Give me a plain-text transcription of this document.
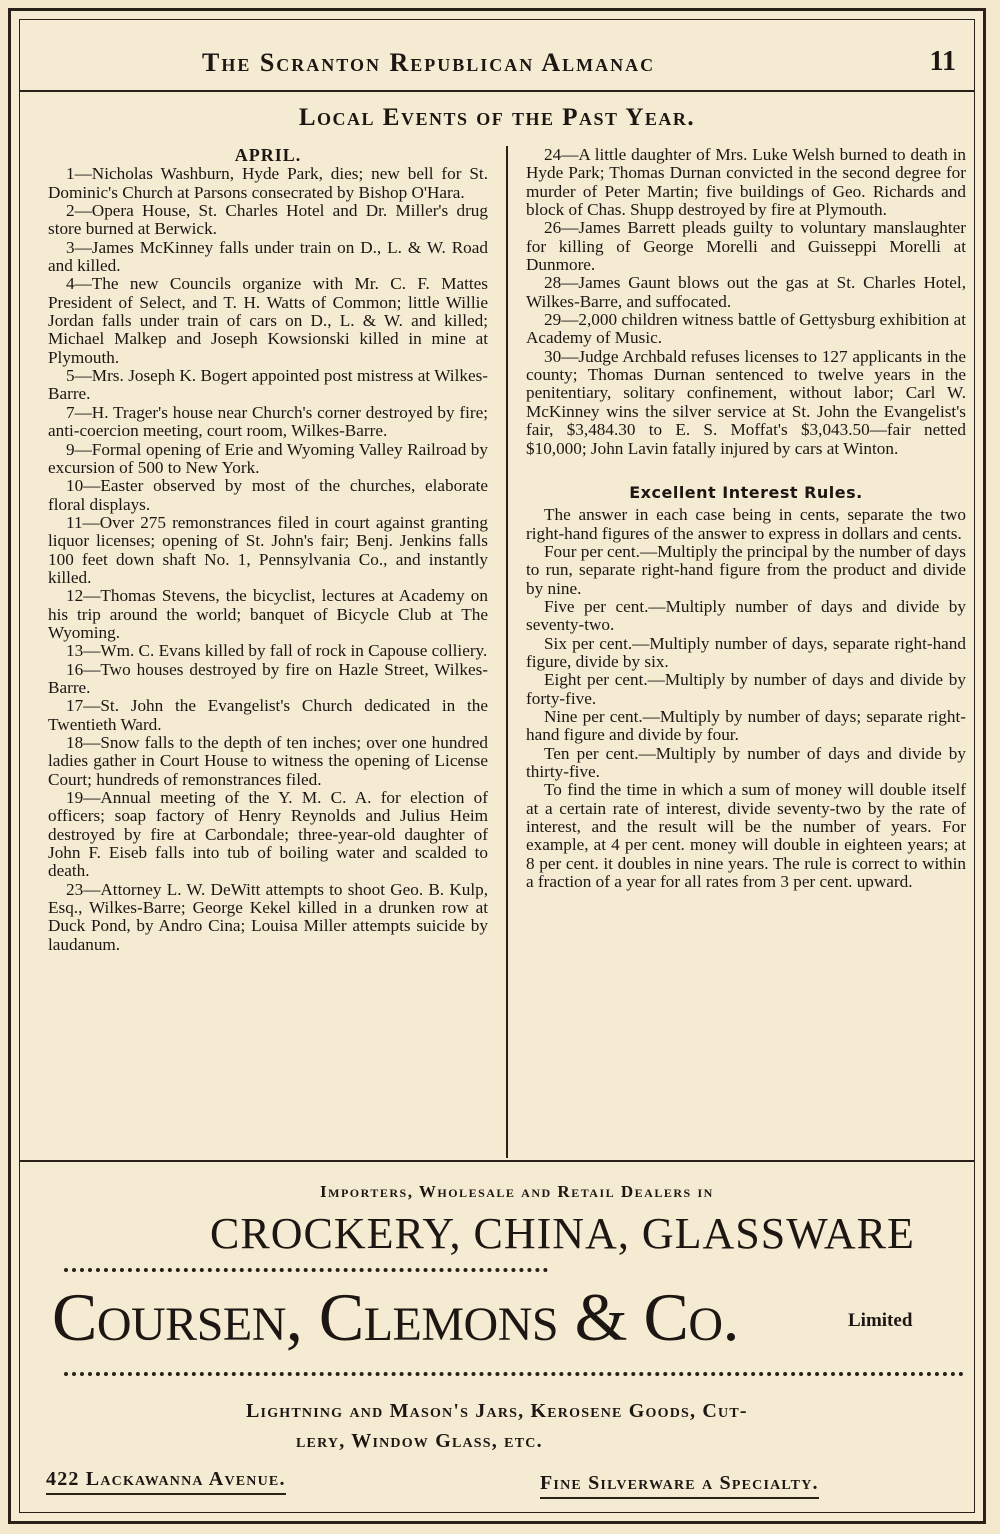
The Scranton Republican Almanac	11
Local Events of the Past Year.
APRIL.

1—Nicholas Washburn, Hyde Park, dies; new bell for St. Dominic's Church at Parsons consecrated by Bishop O'Hara.

2—Opera House, St. Charles Hotel and Dr. Miller's drug store burned at Berwick.

3—James McKinney falls under train on D., L. & W. Road and killed.

4—The new Councils organize with Mr. C. F. Mattes President of Select, and T. H. Watts of Common; little Willie Jordan falls under train of cars on D., L. & W. and killed; Michael Malkep and Joseph Kowsionski killed in mine at Plymouth.

5—Mrs. Joseph K. Bogert appointed post mistress at Wilkes-Barre.

7—H. Trager's house near Church's corner destroyed by fire; anti-coercion meeting, court room, Wilkes-Barre.

9—Formal opening of Erie and Wyoming Valley Railroad by excursion of 500 to New York.

10—Easter observed by most of the churches, elaborate floral displays.

11—Over 275 remonstrances filed in court against granting liquor licenses; opening of St. John's fair; Benj. Jenkins falls 100 feet down shaft No. 1, Pennsylvania Co., and instantly killed.

12—Thomas Stevens, the bicyclist, lectures at Academy on his trip around the world; banquet of Bicycle Club at The Wyoming.

13—Wm. C. Evans killed by fall of rock in Capouse colliery.

16—Two houses destroyed by fire on Hazle Street, Wilkes-Barre.

17—St. John the Evangelist's Church dedicated in the Twentieth Ward.

18—Snow falls to the depth of ten inches; over one hundred ladies gather in Court House to witness the opening of License Court; hundreds of remonstrances filed.

19—Annual meeting of the Y. M. C. A. for election of officers; soap factory of Henry Reynolds and Julius Heim destroyed by fire at Carbondale; three-year-old daughter of John F. Eiseb falls into tub of boiling water and scalded to death.

23—Attorney L. W. DeWitt attempts to shoot Geo. B. Kulp, Esq., Wilkes-Barre; George Kekel killed in a drunken row at Duck Pond, by Andro Cina; Louisa Miller attempts suicide by laudanum.

24—A little daughter of Mrs. Luke Welsh burned to death in Hyde Park; Thomas Durnan convicted in the second degree for murder of Peter Martin; five buildings of Geo. Richards and block of Chas. Shupp destroyed by fire at Plymouth.

26—James Barrett pleads guilty to voluntary manslaughter for killing of George Morelli and Guisseppi Morelli at Dunmore.

28—James Gaunt blows out the gas at St. Charles Hotel, Wilkes-Barre, and suffocated.

29—2,000 children witness battle of Gettysburg exhibition at Academy of Music.

30—Judge Archbald refuses licenses to 127 applicants in the county; Thomas Durnan sentenced to twelve years in the penitentiary, solitary confinement, without labor; Carl W. McKinney wins the silver service at St. John the Evangelist's fair, $3,484.30 to E. S. Moffat's $3,043.50—fair netted $10,000; John Lavin fatally injured by cars at Winton.

Excellent Interest Rules.

The answer in each case being in cents, separate the two right-hand figures of the answer to express in dollars and cents.

Four per cent.—Multiply the principal by the number of days to run, separate right-hand figure from the product and divide by nine.

Five per cent.—Multiply number of days and divide by seventy-two.

Six per cent.—Multiply number of days, separate right-hand figure, divide by six.

Eight per cent.—Multiply by number of days and divide by forty-five.

Nine per cent.—Multiply by number of days; separate right-hand figure and divide by four.

Ten per cent.—Multiply by number of days and divide by thirty-five.

To find the time in which a sum of money will double itself at a certain rate of interest, divide seventy-two by the rate of interest, and the result will be the number of years. For example, at 4 per cent. money will double in eighteen years; at 8 per cent. it doubles in nine years. The rule is correct to within a fraction of a year for all rates from 3 per cent. upward.

Importers, Wholesale and Retail Dealers in
CROCKERY, CHINA, GLASSWARE
Coursen, Clemons & Co.	Limited
Lightning and Mason's Jars, Kerosene Goods, Cut-
lery, Window Glass, etc.
422 Lackawanna Avenue.	Fine Silverware a Specialty.
